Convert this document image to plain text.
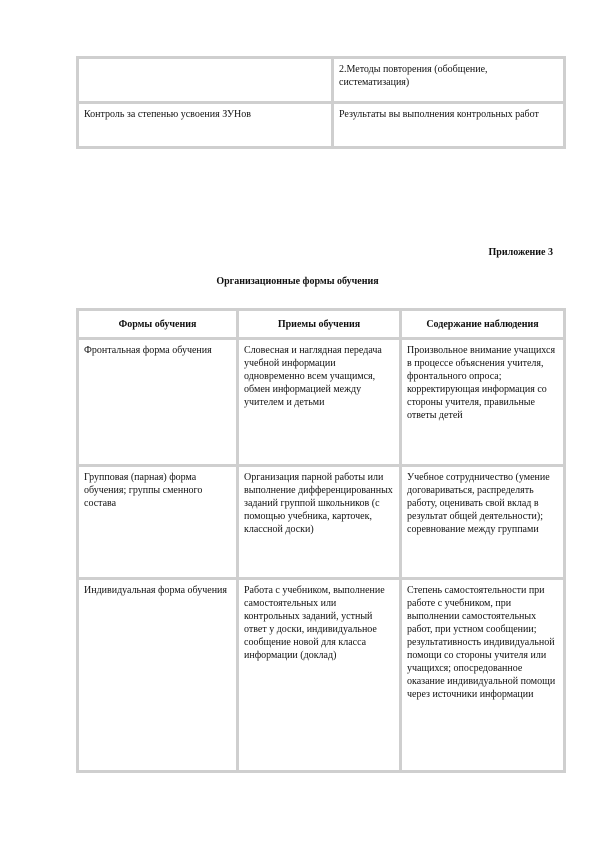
	2.Методы повторения (обобщение, систематизация)
Контроль за степенью усвоения ЗУНов	Результаты вы выполнения контрольных работ
Приложение 3
Организационные формы обучения
Формы обучения	Приемы обучения	Содержание наблюдения
Фронтальная форма обучения	Словесная и наглядная передача учебной информации одновременно всем учащимся, обмен информацией между учителем и детьми	Произвольное внимание учащихся в процессе объяснения учителя, фронтального опроса; корректирующая информация со стороны учителя, правильные ответы детей
Групповая (парная) форма обучения; группы сменного состава	Организация парной работы или выполнение дифференцированных заданий группой школьников (с помощью учебника, карточек, классной доски)	Учебное сотрудничество (умение договариваться, распределять работу, оценивать свой вклад в результат общей деятельности); соревнование между группами
Индивидуальная форма обучения	Работа с учебником, выполнение самостоятельных или контрольных заданий, устный ответ у доски, индивидуальное сообщение новой для класса информации (доклад)	Степень самостоятельности при работе с учебником, при выполнении самостоятельных работ, при устном сообщении; результативность индивидуальной помощи со стороны учителя или учащихся; опосредованное оказание индивидуальной помощи через источники информации
